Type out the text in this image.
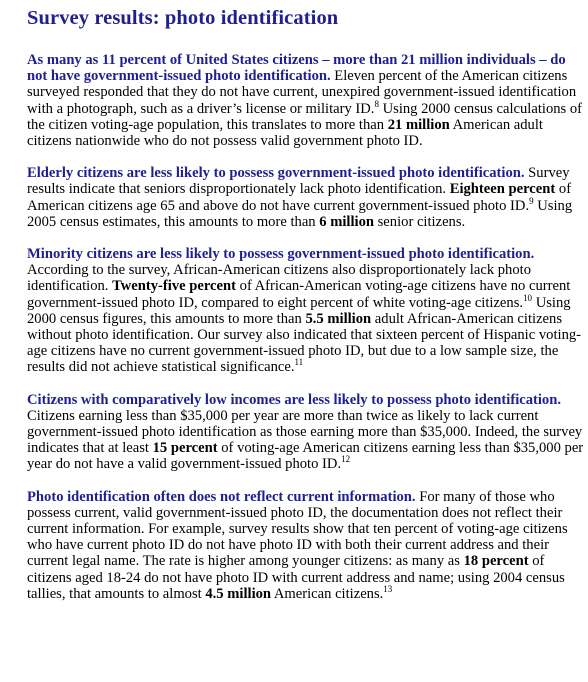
Survey results: photo identification

As many as 11 percent of United States citizens – more than 21 million individuals – do not have government-issued photo identification. Eleven percent of the American citizens surveyed responded that they do not have current, unexpired government-issued identification with a photograph, such as a driver’s license or military ID.$^8$ Using 2000 census calculations of the citizen voting-age population, this translates to more than 21 million American adult citizens nationwide who do not possess valid government photo ID.

Elderly citizens are less likely to possess government-issued photo identification. Survey results indicate that seniors disproportionately lack photo identification. Eighteen percent of American citizens age 65 and above do not have current government-issued photo ID.$^9$ Using 2005 census estimates, this amounts to more than 6 million senior citizens.

Minority citizens are less likely to possess government-issued photo identification. According to the survey, African-American citizens also disproportionately lack photo identification. Twenty-five percent of African-American voting-age citizens have no current government-issued photo ID, compared to eight percent of white voting-age citizens.$^{10}$ Using 2000 census figures, this amounts to more than 5.5 million adult African-American citizens without photo identification. Our survey also indicated that sixteen percent of Hispanic voting-age citizens have no current government-issued photo ID, but due to a low sample size, the results did not achieve statistical significance.$^{11}$

Citizens with comparatively low incomes are less likely to possess photo identification. Citizens earning less than $35,000 per year are more than twice as likely to lack current government-issued photo identification as those earning more than $35,000. Indeed, the survey indicates that at least 15 percent of voting-age American citizens earning less than $35,000 per year do not have a valid government-issued photo ID.$^{12}$

Photo identification often does not reflect current information. For many of those who possess current, valid government-issued photo ID, the documentation does not reflect their current information. For example, survey results show that ten percent of voting-age citizens who have current photo ID do not have photo ID with both their current address and their current legal name. The rate is higher among younger citizens: as many as 18 percent of citizens aged 18-24 do not have photo ID with current address and name; using 2004 census tallies, that amounts to almost 4.5 million American citizens.$^{13}$
